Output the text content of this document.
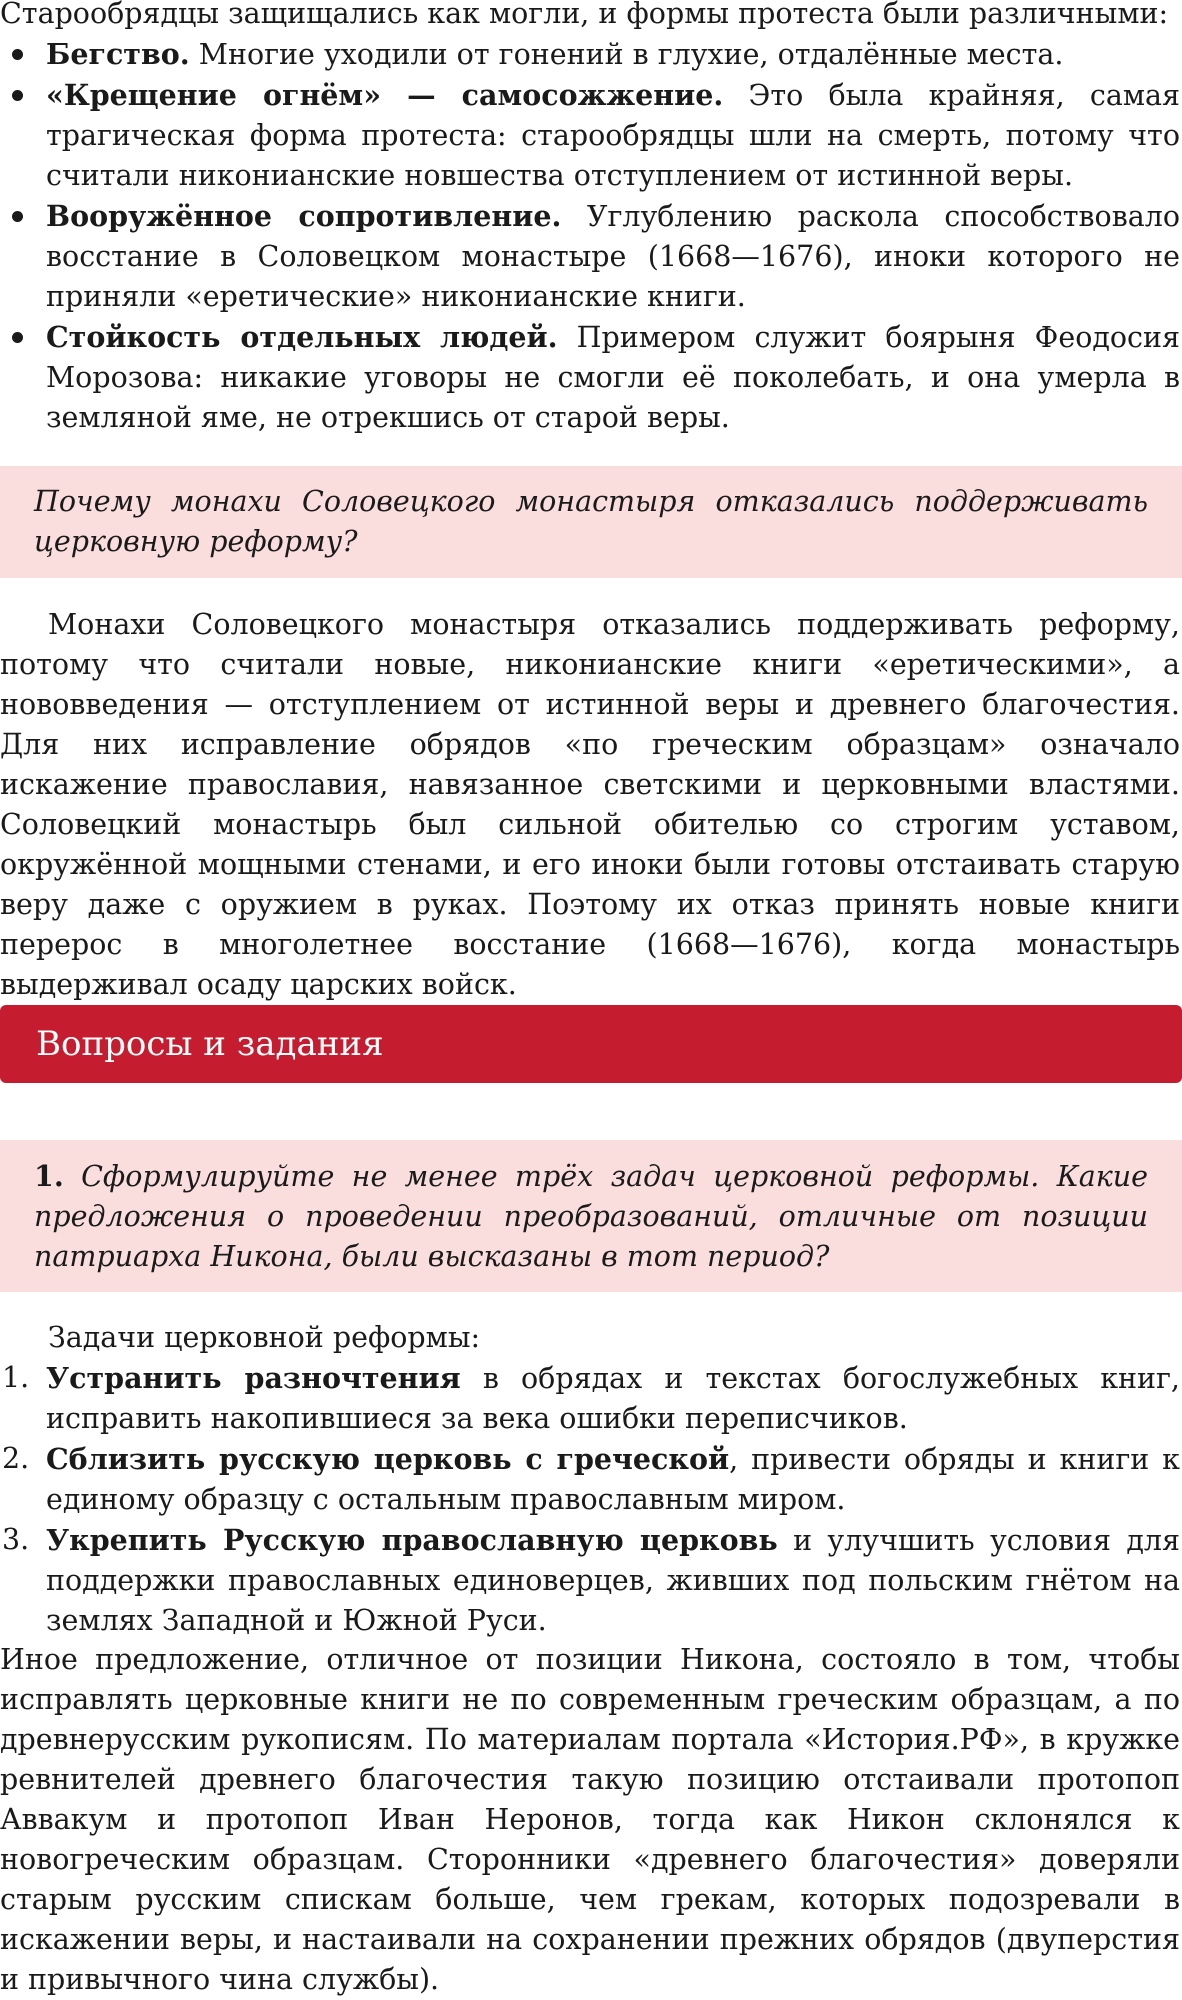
Старообрядцы защищались как могли, и формы протеста были различными:

Бегство. Многие уходили от гонений в глухие, отдалённые места.
«Крещение огнём» — самосожжение. Это была крайняя, самая трагическая форма протеста: старообрядцы шли на смерть, потому что считали никонианские новшества отступлением от истинной веры.
Вооружённое сопротивление. Углублению раскола способствовало восстание в Соловецком монастыре (1668—1676), иноки которого не приняли «еретические» никонианские книги.
Стойкость отдельных людей. Примером служит боярыня Феодосия Морозова: никакие уговоры не смогли её поколебать, и она умерла в земляной яме, не отрекшись от старой веры.

Почему монахи Соловецкого монастыря отказались поддерживать церковную реформу?

Монахи Соловецкого монастыря отказались поддерживать реформу, потому что считали новые, никонианские книги «еретическими», а нововведения — отступлением от истинной веры и древнего благочестия. Для них исправление обрядов «по греческим образцам» означало искажение православия, навязанное светскими и церковными властями. Соловецкий монастырь был сильной обителью со строгим уставом, окружённой мощными стенами, и его иноки были готовы отстаивать старую веру даже с оружием в руках. Поэтому их отказ принять новые книги перерос в многолетнее восстание (1668—1676), когда монастырь выдерживал осаду царских войск.

Вопросы и задания

1. Сформулируйте не менее трёх задач церковной реформы. Какие предложения о проведении преобразований, отличные от позиции патриарха Никона, были высказаны в тот период?

Задачи церковной реформы:

1. Устранить разночтения в обрядах и текстах богослужебных книг, исправить накопившиеся за века ошибки переписчиков.
2. Сблизить русскую церковь с греческой, привести обряды и книги к единому образцу с остальным православным миром.
3. Укрепить Русскую православную церковь и улучшить условия для поддержки православных единоверцев, живших под польским гнётом на землях Западной и Южной Руси.

Иное предложение, отличное от позиции Никона, состояло в том, чтобы исправлять церковные книги не по современным греческим образцам, а по древнерусским рукописям. По материалам портала «История.РФ», в кружке ревнителей древнего благочестия такую позицию отстаивали протопоп Аввакум и протопоп Иван Неронов, тогда как Никон склонялся к новогреческим образцам. Сторонники «древнего благочестия» доверяли старым русским спискам больше, чем грекам, которых подозревали в искажении веры, и настаивали на сохранении прежних обрядов (двуперстия и привычного чина службы).
